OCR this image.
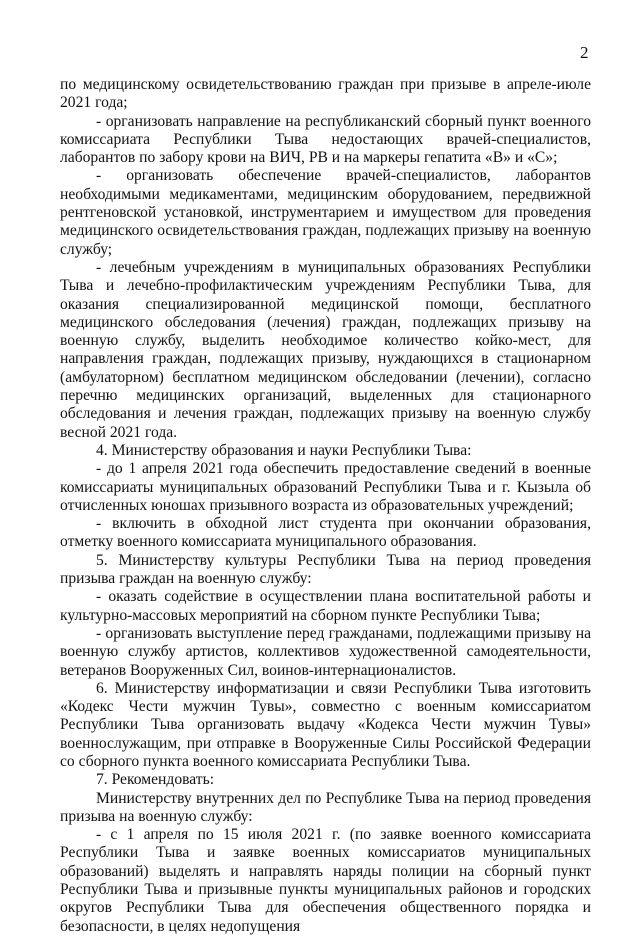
2

по медицинскому освидетельствованию граждан при призыве в апреле-июле 2021 года;

- организовать направление на республиканский сборный пункт военного комиссариата Республики Тыва недостающих врачей-специалистов, лаборантов по забору крови на ВИЧ, РВ и на маркеры гепатита «В» и «С»;

- организовать обеспечение врачей-специалистов, лаборантов необходимыми медикаментами, медицинским оборудованием, передвижной рентгеновской установкой, инструментарием и имуществом для проведения медицинского освидетельствования граждан, подлежащих призыву на военную службу;

- лечебным учреждениям в муниципальных образованиях Республики Тыва и лечебно-профилактическим учреждениям Республики Тыва, для оказания специализированной медицинской помощи, бесплатного медицинского обследования (лечения) граждан, подлежащих призыву на военную службу, выделить необходимое количество койко-мест, для направления граждан, подлежащих призыву, нуждающихся в стационарном (амбулаторном) бесплатном медицинском обследовании (лечении), согласно перечню медицинских организаций, выделенных для стационарного обследования и лечения граждан, подлежащих призыву на военную службу весной 2021 года.

4. Министерству образования и науки Республики Тыва:

- до 1 апреля 2021 года обеспечить предоставление сведений в военные комиссариаты муниципальных образований Республики Тыва и г. Кызыла об отчисленных юношах призывного возраста из образовательных учреждений;

- включить в обходной лист студента при окончании образования, отметку военного комиссариата муниципального образования.

5. Министерству культуры Республики Тыва на период проведения призыва граждан на военную службу:

- оказать содействие в осуществлении плана воспитательной работы и культурно-массовых мероприятий на сборном пункте Республики Тыва;

- организовать выступление перед гражданами, подлежащими призыву на военную службу артистов, коллективов художественной самодеятельности, ветеранов Вооруженных Сил, воинов-интернационалистов.

6. Министерству информатизации и связи Республики Тыва изготовить «Кодекс Чести мужчин Тувы», совместно с военным комиссариатом Республики Тыва организовать выдачу «Кодекса Чести мужчин Тувы» военнослужащим, при отправке в Вооруженные Силы Российской Федерации со сборного пункта военного комиссариата Республики Тыва.

7. Рекомендовать:

Министерству внутренних дел по Республике Тыва на период проведения призыва на военную службу:

- с 1 апреля по 15 июля 2021 г. (по заявке военного комиссариата Республики Тыва и заявке военных комиссариатов муниципальных образований) выделять и направлять наряды полиции на сборный пункт Республики Тыва и призывные пункты муниципальных районов и городских округов Республики Тыва для обеспечения общественного порядка и безопасности, в целях недопущения
